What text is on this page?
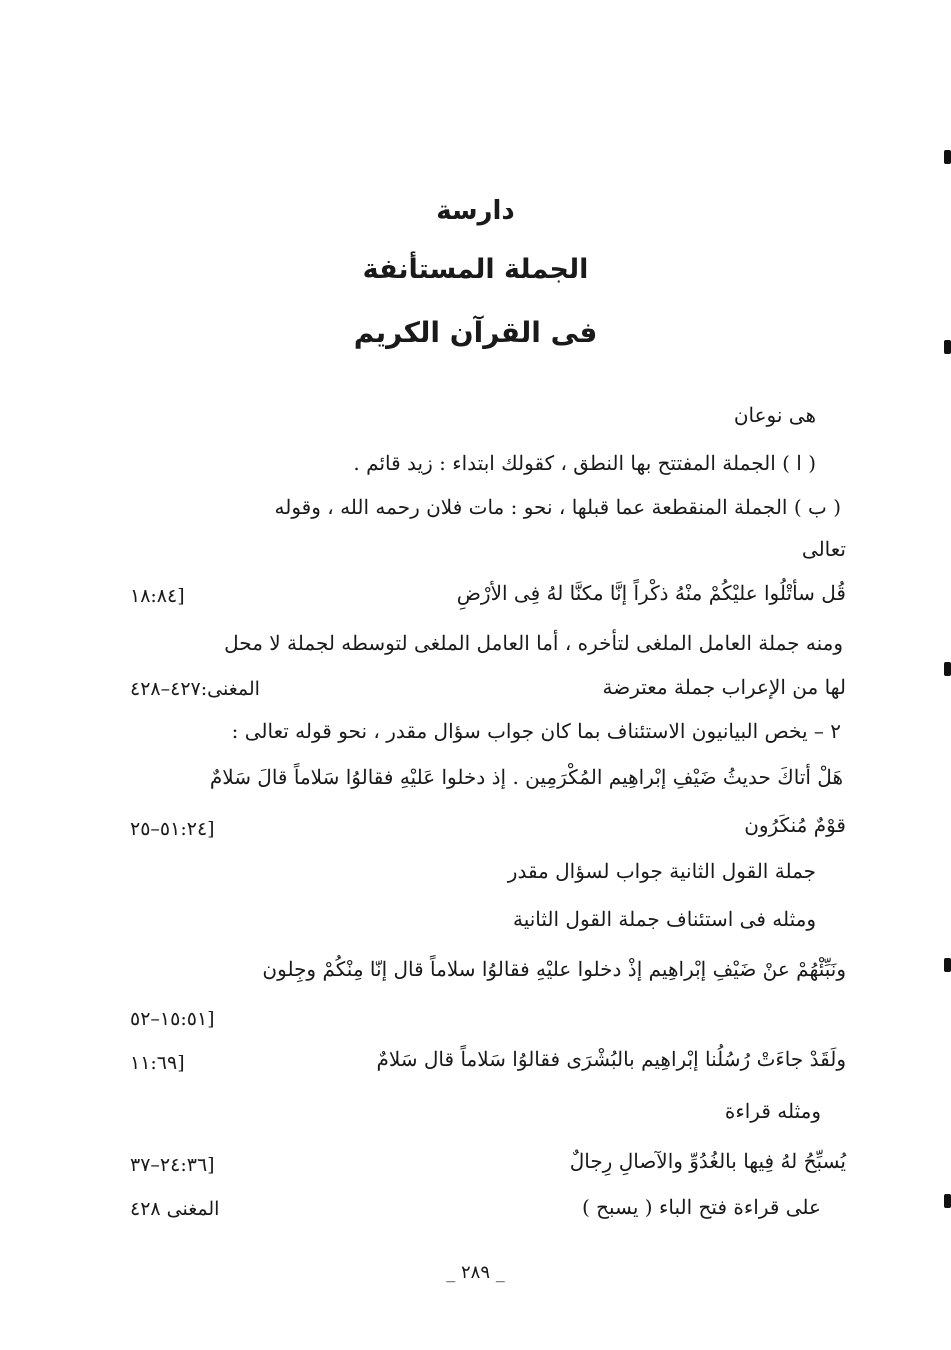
دارسة
الجملة المستأنفة
فى القرآن الكريم
هى نوعان
( ا ) الجملة المفتتح بها النطق ، كقولك ابتداء : زيد قائم .
( ب ) الجملة المنقطعة عما قبلها ، نحو : مات فلان رحمه الله ، وقوله
تعالى
قُل سأتْلُوا عليْكُمْ منْهُ ذكْراً إنَّا مكنَّا لهُ فِى الأرْضِ
[١٨:٨٤
ومنه جملة العامل الملغى لتأخره ، أما العامل الملغى لتوسطه لجملة لا محل
لها من الإعراب جملة معترضة
المغنى:٤٢٧–٤٢٨
٢ – يخص البيانيون الاستئناف بما كان جواب سؤال مقدر ، نحو قوله تعالى :
هَلْ أتاكَ حديثُ ضَيْفِ إبْراهِيم المُكْرَمِين . إذ دخلوا عَليْهِ فقالوُا سَلاماً قالَ سَلامٌ
قوْمٌ مُنكَرُون
[٥١:٢٤–٢٥
جملة القول الثانية جواب لسؤال مقدر
ومثله فى استئناف جملة القول الثانية
ونَبِّئْهُمْ عنْ ضَيْفِ إبْراهِيم إذْ دخلوا عليْهِ فقالوُا سلاماً قال إنّا مِنْكُمْ وجِلون
[١٥:٥١–٥٢
ولَقَدْ جاءَتْ رُسُلُنا إبْراهِيم بالبُشْرَى فقالوُا سَلاماً قال سَلامٌ
[١١:٦٩
ومثله قراءة
يُسبِّحُ لهُ فِيها بالغُدُوِّ والآصالِ رِجالٌ
[٢٤:٣٦–٣٧
على قراءة فتح الباء ( يسبح )
المغنى ٤٢٨
_ ٢٨٩ _
